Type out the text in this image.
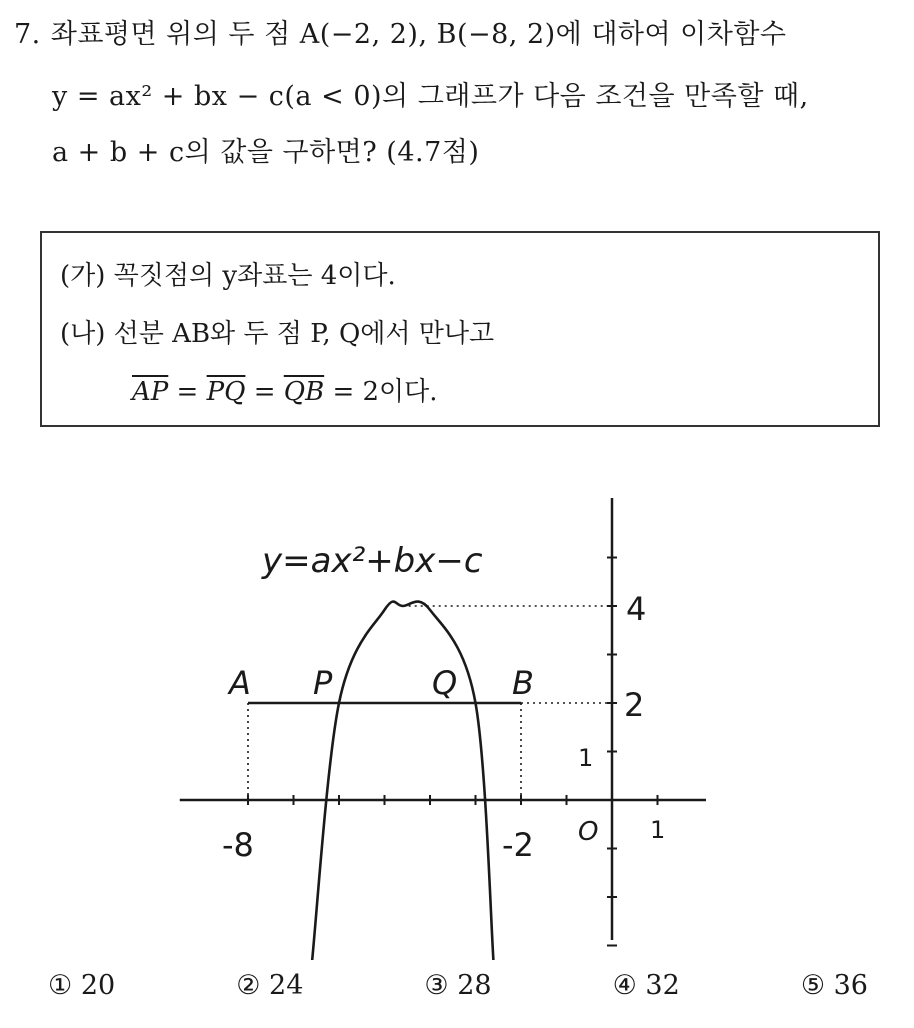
7. 좌표평면 위의 두 점 A(−2, 2), B(−8, 2)에 대하여 이차함수
y = ax² + bx − c(a < 0)의 그래프가 다음 조건을 만족할 때,
a + b + c의 값을 구하면? (4.7점)
(가) 꼭짓점의 y좌표는 4이다.
(나) 선분 AB와 두 점 P, Q에서 만나고
$\overline{AP} = \overline{PQ} = \overline{QB} = 2$이다.
y=ax²+bx−c
A P	Q B
-8	-2 O 1
1
2
4
① 20	② 24	③ 28	④ 32	⑤ 36
